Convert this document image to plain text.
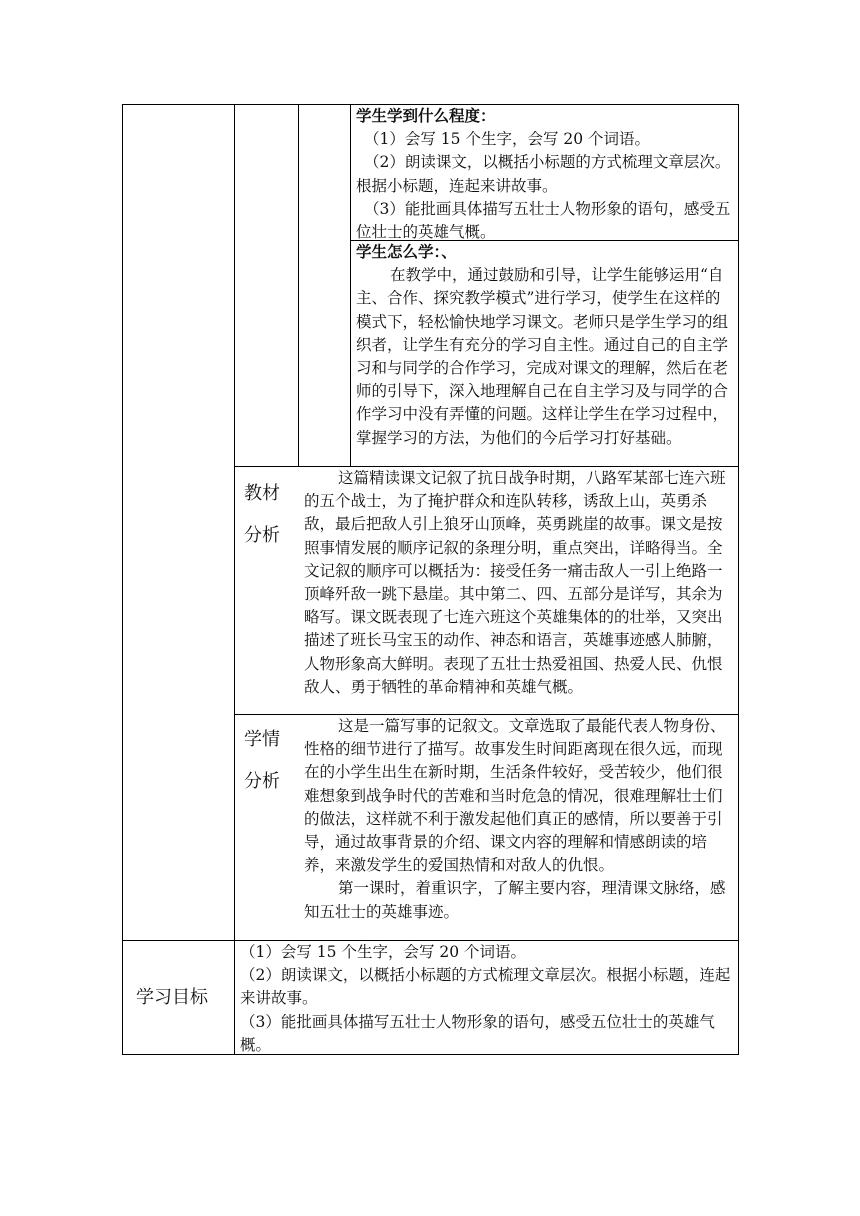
学生学到什么程度：

（1）会写 15 个生字，会写 20 个词语。

（2）朗读课文，以概括小标题的方式梳理文章层次。根据小标题，连起来讲故事。

（3）能批画具体描写五壮士人物形象的语句，感受五位壮士的英雄气概。

学生怎么学：、

在教学中，通过鼓励和引导，让学生能够运用“自主、合作、探究教学模式”进行学习，使学生在这样的模式下，轻松愉快地学习课文。老师只是学生学习的组织者，让学生有充分的学习自主性。通过自己的自主学习和与同学的合作学习，完成对课文的理解，然后在老师的引导下，深入地理解自己在自主学习及与同学的合作学习中没有弄懂的问题。这样让学生在学习过程中，掌握学习的方法，为他们的今后学习打好基础。

教材
分析

这篇精读课文记叙了抗日战争时期，八路军某部七连六班的五个战士，为了掩护群众和连队转移，诱敌上山，英勇杀敌，最后把敌人引上狼牙山顶峰，英勇跳崖的故事。课文是按照事情发展的顺序记叙的条理分明，重点突出，详略得当。全文记叙的顺序可以概括为：接受任务一痛击敌人一引上绝路一顶峰歼敌一跳下悬崖。其中第二、四、五部分是详写，其余为略写。课文既表现了七连六班这个英雄集体的的壮举，又突出描述了班长马宝玉的动作、神态和语言，英雄事迹感人肺腑，人物形象高大鲜明。表现了五壮士热爱祖国、热爱人民、仇恨敌人、勇于牺牲的革命精神和英雄气概。

学情
分析

这是一篇写事的记叙文。文章选取了最能代表人物身份、性格的细节进行了描写。故事发生时间距离现在很久远，而现在的小学生出生在新时期，生活条件较好，受苦较少，他们很难想象到战争时代的苦难和当时危急的情况，很难理解壮士们的做法，这样就不利于激发起他们真正的感情，所以要善于引导，通过故事背景的介绍、课文内容的理解和情感朗读的培养，来激发学生的爱国热情和对敌人的仇恨。

第一课时，着重识字，了解主要内容，理清课文脉络，感知五壮士的英雄事迹。

学习目标

（1）会写 15 个生字，会写 20 个词语。

（2）朗读课文，以概括小标题的方式梳理文章层次。根据小标题，连起来讲故事。

（3）能批画具体描写五壮士人物形象的语句，感受五位壮士的英雄气概。
